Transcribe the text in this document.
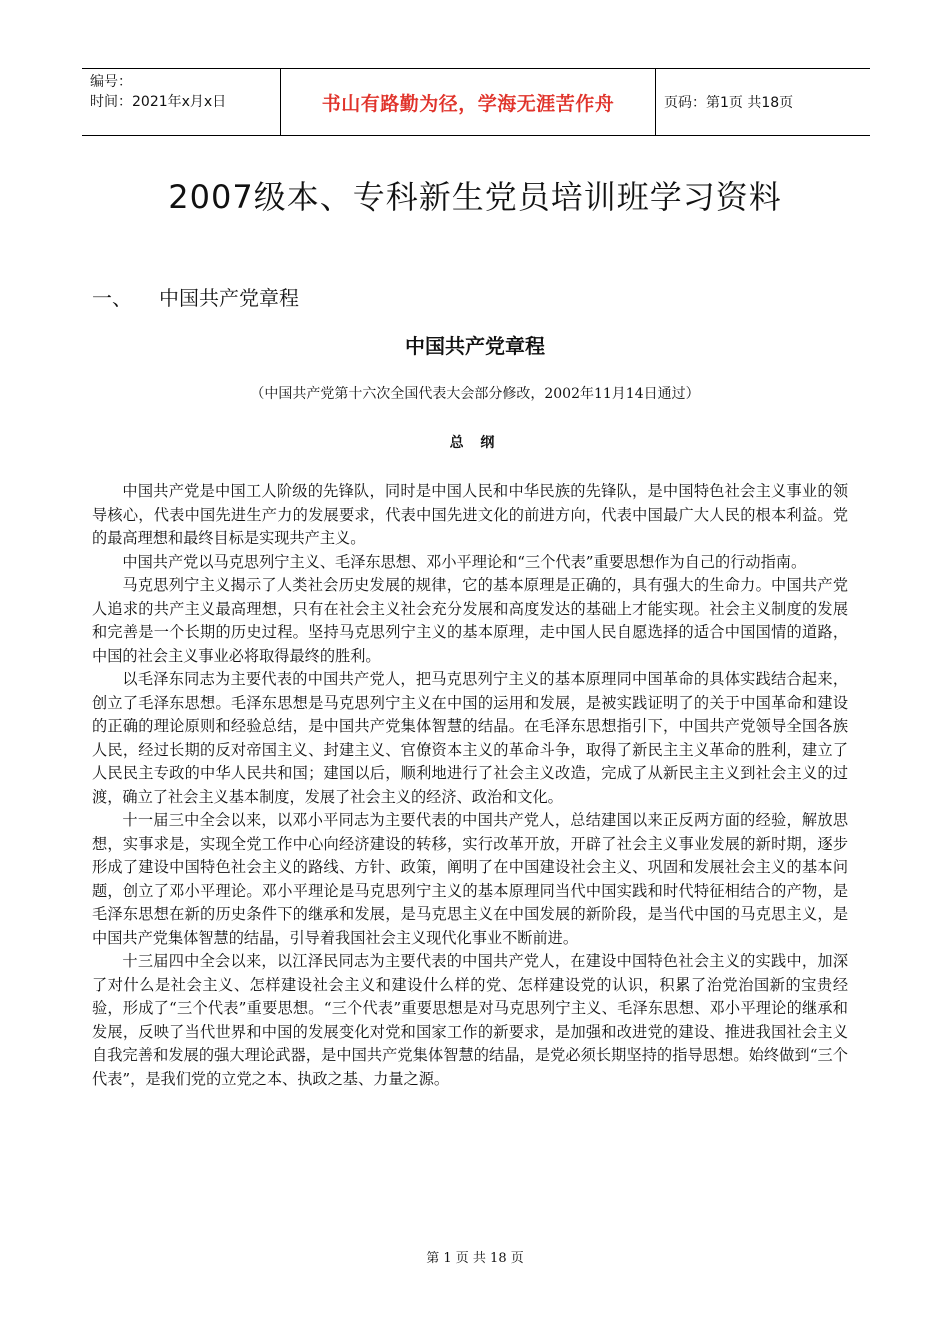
编号：
时间：2021年x月x日	书山有路勤为径，学海无涯苦作舟	页码：第1页 共18页
2007级本、专科新生党员培训班学习资料
一、	中国共产党章程
中国共产党章程
（中国共产党第十六次全国代表大会部分修改，2002年11月14日通过）
总 纲

中国共产党是中国工人阶级的先锋队，同时是中国人民和中华民族的先锋队，是中国特色社会主义事业的领导核心，代表中国先进生产力的发展要求，代表中国先进文化的前进方向，代表中国最广大人民的根本利益。党的最高理想和最终目标是实现共产主义。

中国共产党以马克思列宁主义、毛泽东思想、邓小平理论和“三个代表”重要思想作为自己的行动指南。

马克思列宁主义揭示了人类社会历史发展的规律，它的基本原理是正确的，具有强大的生命力。中国共产党人追求的共产主义最高理想，只有在社会主义社会充分发展和高度发达的基础上才能实现。社会主义制度的发展和完善是一个长期的历史过程。坚持马克思列宁主义的基本原理，走中国人民自愿选择的适合中国国情的道路，中国的社会主义事业必将取得最终的胜利。

以毛泽东同志为主要代表的中国共产党人，把马克思列宁主义的基本原理同中国革命的具体实践结合起来，创立了毛泽东思想。毛泽东思想是马克思列宁主义在中国的运用和发展，是被实践证明了的关于中国革命和建设的正确的理论原则和经验总结，是中国共产党集体智慧的结晶。在毛泽东思想指引下，中国共产党领导全国各族人民，经过长期的反对帝国主义、封建主义、官僚资本主义的革命斗争，取得了新民主主义革命的胜利，建立了人民民主专政的中华人民共和国；建国以后，顺利地进行了社会主义改造，完成了从新民主主义到社会主义的过渡，确立了社会主义基本制度，发展了社会主义的经济、政治和文化。

十一届三中全会以来，以邓小平同志为主要代表的中国共产党人，总结建国以来正反两方面的经验，解放思想，实事求是，实现全党工作中心向经济建设的转移，实行改革开放，开辟了社会主义事业发展的新时期，逐步形成了建设中国特色社会主义的路线、方针、政策，阐明了在中国建设社会主义、巩固和发展社会主义的基本问题，创立了邓小平理论。邓小平理论是马克思列宁主义的基本原理同当代中国实践和时代特征相结合的产物，是毛泽东思想在新的历史条件下的继承和发展，是马克思主义在中国发展的新阶段，是当代中国的马克思主义，是中国共产党集体智慧的结晶，引导着我国社会主义现代化事业不断前进。

十三届四中全会以来，以江泽民同志为主要代表的中国共产党人，在建设中国特色社会主义的实践中，加深了对什么是社会主义、怎样建设社会主义和建设什么样的党、怎样建设党的认识，积累了治党治国新的宝贵经验，形成了“三个代表”重要思想。“三个代表”重要思想是对马克思列宁主义、毛泽东思想、邓小平理论的继承和发展，反映了当代世界和中国的发展变化对党和国家工作的新要求，是加强和改进党的建设、推进我国社会主义自我完善和发展的强大理论武器，是中国共产党集体智慧的结晶，是党必须长期坚持的指导思想。始终做到“三个代表”，是我们党的立党之本、执政之基、力量之源。

第 1 页 共 18 页
